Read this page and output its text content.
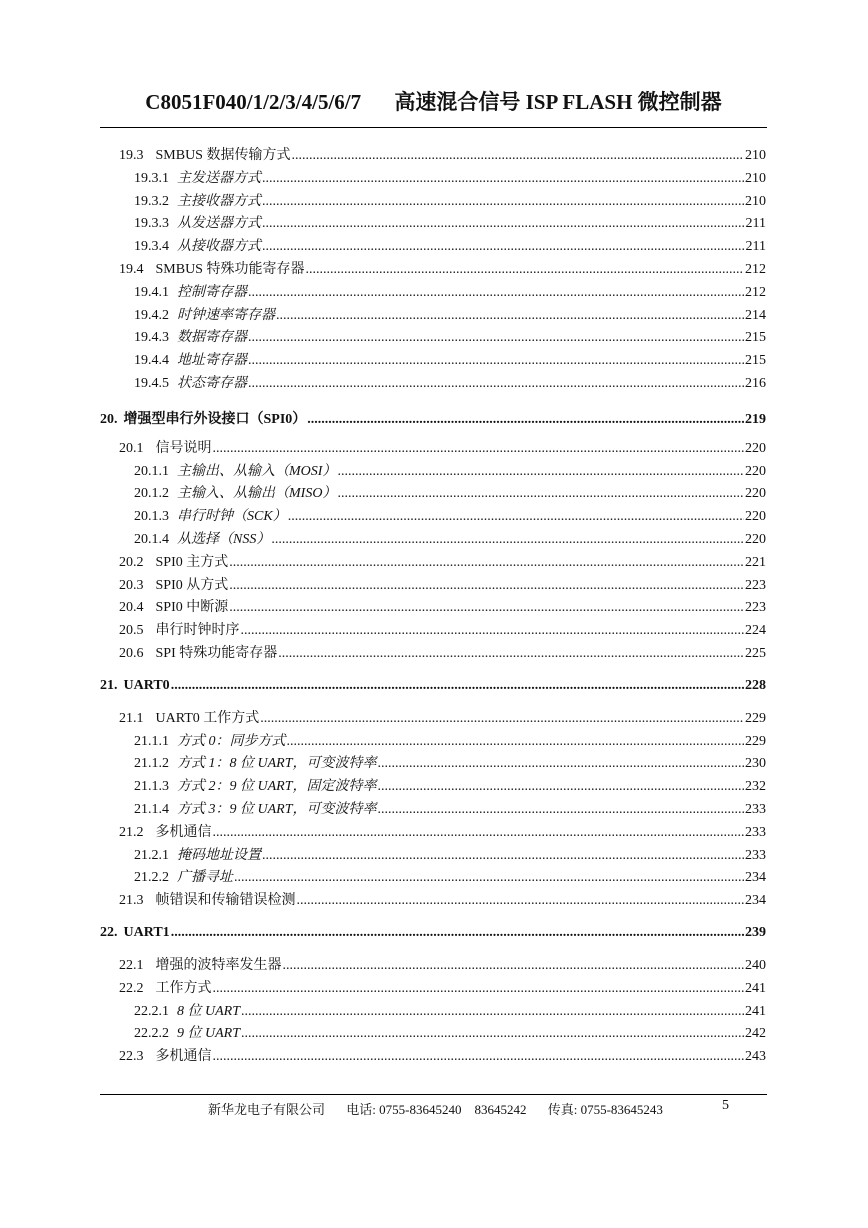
C8051F040/1/2/3/4/5/6/7 高速混合信号 ISP FLASH 微控制器
19.3 SMBUS 数据传输方式 .....	210
19.3.1 主发送器方式 .....	210
19.3.2 主接收器方式 .....	210
19.3.3 从发送器方式 .....	211
19.3.4 从接收器方式 .....	211
19.4 SMBUS 特殊功能寄存器 .....	212
19.4.1 控制寄存器 .....	212
19.4.2 时钟速率寄存器 .....	214
19.4.3 数据寄存器 .....	215
19.4.4 地址寄存器 .....	215
19.4.5 状态寄存器 .....	216
20. 增强型串行外设接口（SPI0） .....	219
20.1 信号说明 .....	220
20.1.1 主输出、从输入（MOSI） .....	220
20.1.2 主输入、从输出（MISO） .....	220
20.1.3 串行时钟（SCK） .....	220
20.1.4 从选择（NSS） .....	220
20.2 SPI0 主方式 .....	221
20.3 SPI0 从方式 .....	223
20.4 SPI0 中断源 .....	223
20.5 串行时钟时序 .....	224
20.6 SPI 特殊功能寄存器 .....	225
21. UART0 .....	228
21.1 UART0 工作方式 .....	229
21.1.1 方式 0：同步方式 .....	229
21.1.2 方式 1：8 位 UART，可变波特率 .....	230
21.1.3 方式 2：9 位 UART，固定波特率 .....	232
21.1.4 方式 3：9 位 UART，可变波特率 .....	233
21.2 多机通信 .....	233
21.2.1 掩码地址设置 .....	233
21.2.2 广播寻址 .....	234
21.3 帧错误和传输错误检测 .....	234
22. UART1 .....	239
22.1 增强的波特率发生器 .....	240
22.2 工作方式 .....	241
22.2.1 8 位 UART .....	241
22.2.2 9 位 UART .....	242
22.3 多机通信 .....	243
新华龙电子有限公司 电话: 0755-83645240　83645242 传真: 0755-83645243	5
